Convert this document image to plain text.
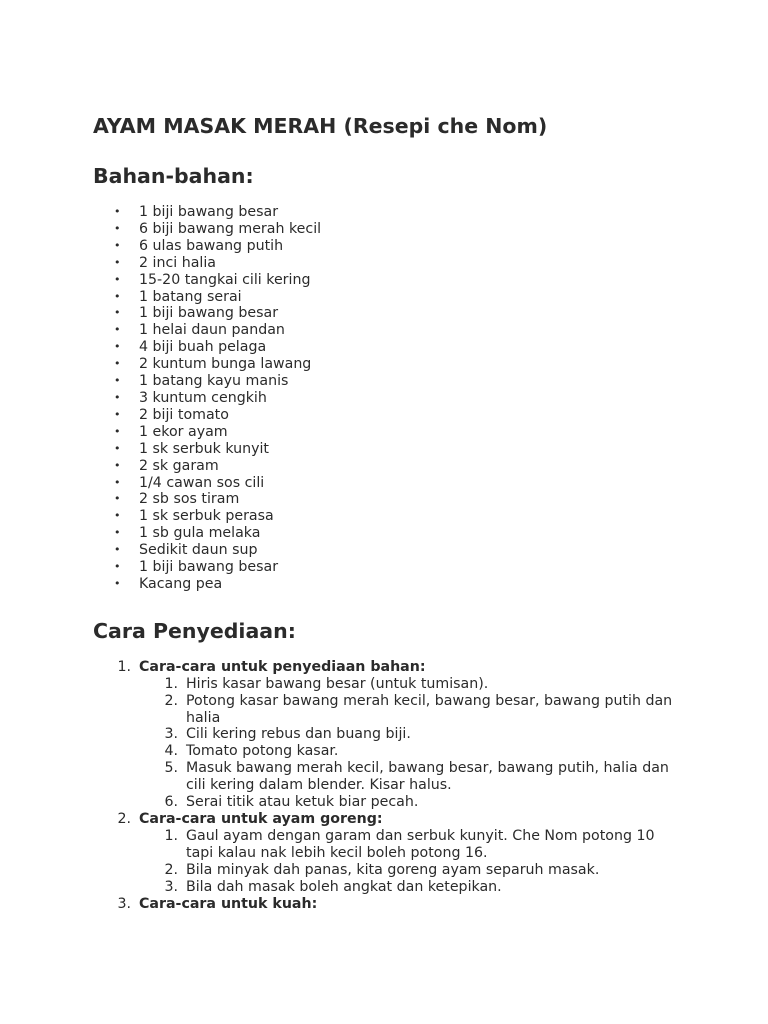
AYAM MASAK MERAH (Resepi che Nom)
Bahan-bahan:
• 1 biji bawang besar
• 6 biji bawang merah kecil
• 6 ulas bawang putih
• 2 inci halia
• 15-20 tangkai cili kering
• 1 batang serai
• 1 biji bawang besar
• 1 helai daun pandan
• 4 biji buah pelaga
• 2 kuntum bunga lawang
• 1 batang kayu manis
• 3 kuntum cengkih
• 2 biji tomato
• 1 ekor ayam
• 1 sk serbuk kunyit
• 2 sk garam
• 1/4 cawan sos cili
• 2 sb sos tiram
• 1 sk serbuk perasa
• 1 sb gula melaka
• Sedikit daun sup
• 1 biji bawang besar
• Kacang pea
Cara Penyediaan:
1. Cara-cara untuk penyediaan bahan:
1. Hiris kasar bawang besar (untuk tumisan).
2. Potong kasar bawang merah kecil, bawang besar, bawang putih dan halia
3. Cili kering rebus dan buang biji.
4. Tomato potong kasar.
5. Masuk bawang merah kecil, bawang besar, bawang putih, halia dan cili kering dalam blender. Kisar halus.
6. Serai titik atau ketuk biar pecah.
2. Cara-cara untuk ayam goreng:
1. Gaul ayam dengan garam dan serbuk kunyit. Che Nom potong 10 tapi kalau nak lebih kecil boleh potong 16.
2. Bila minyak dah panas, kita goreng ayam separuh masak.
3. Bila dah masak boleh angkat dan ketepikan.
3. Cara-cara untuk kuah:
